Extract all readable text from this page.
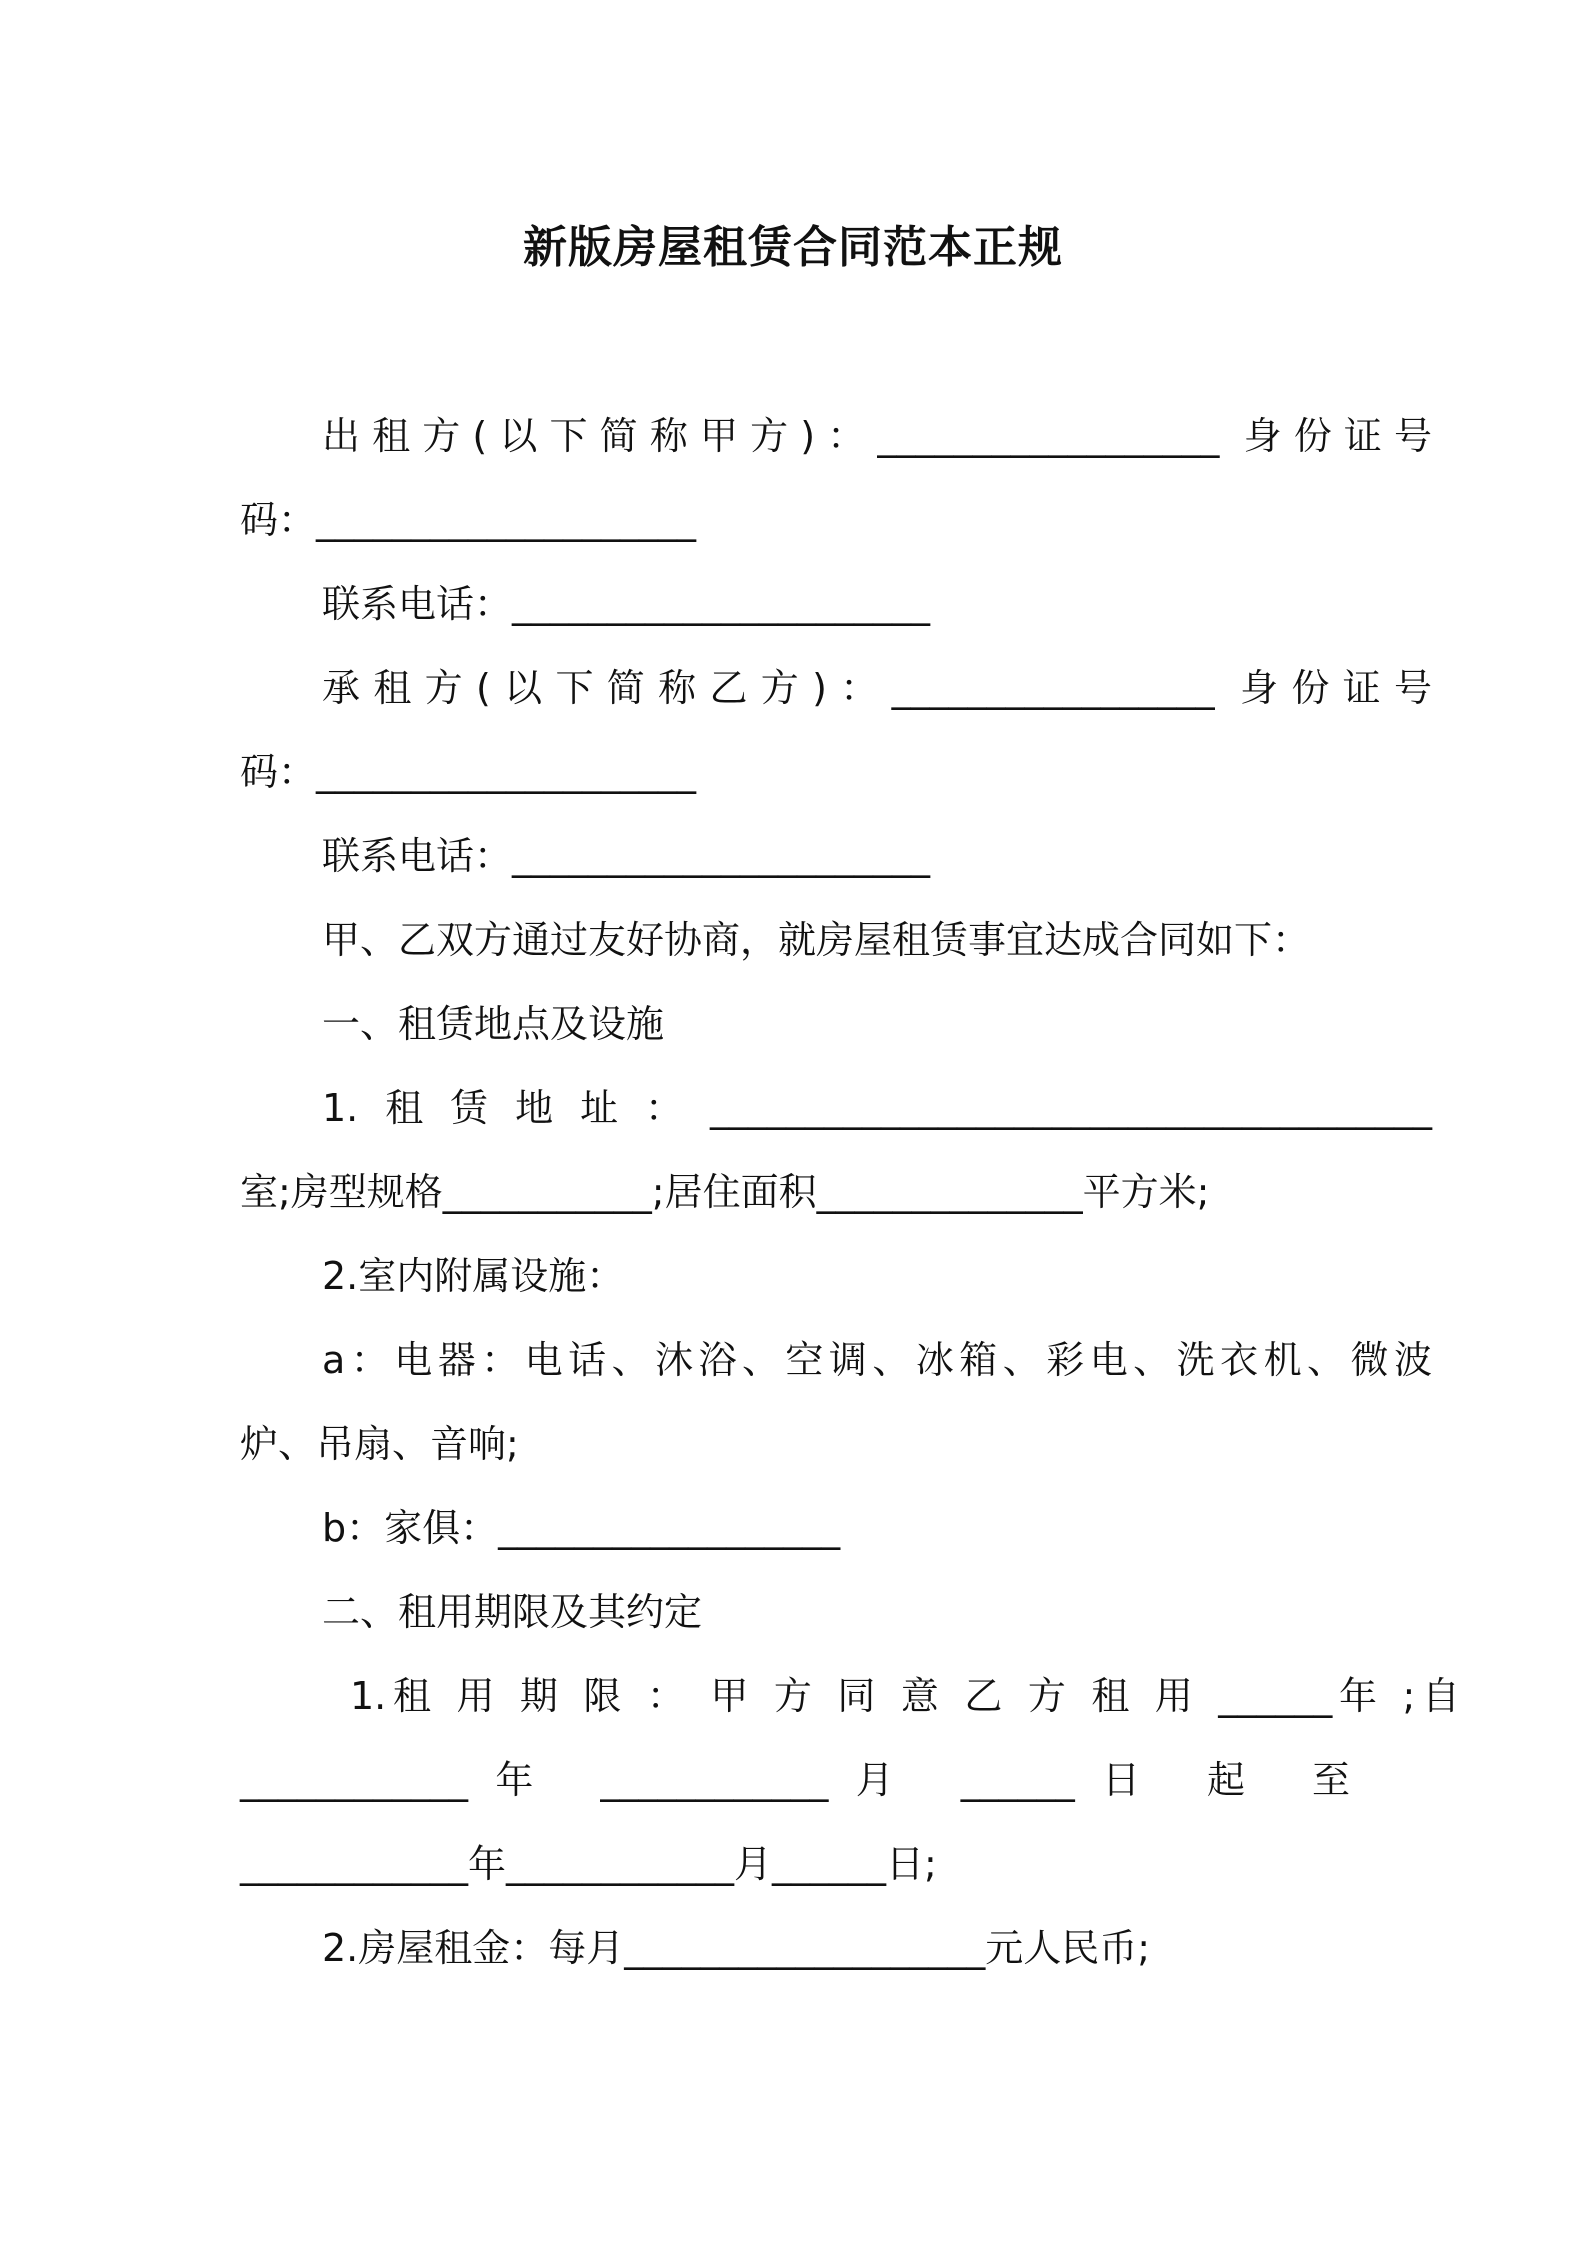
新版房屋租赁合同范本正规
出租方(以下简称甲方)：__________________ 身份证号
码：____________________
联系电话：______________________
承租方(以下简称乙方)：_________________ 身份证号
码：____________________
联系电话：______________________
甲、乙双方通过友好协商，就房屋租赁事宜达成合同如下：
一、租赁地点及设施
1.租赁地址：______________________________________
室;房型规格___________;居住面积______________平方米;
2.室内附属设施：
a：电器：电话、沐浴、空调、冰箱、彩电、洗衣机、微波
炉、吊扇、音响;
b：家俱：__________________
二、租用期限及其约定
1.租 用 期 限 ： 甲 方 同 意 乙 方 租 用 ______年 ;自
____________年 ____________月 ______日 起 至
____________年____________月______日;
2.房屋租金：每月___________________元人民币;
